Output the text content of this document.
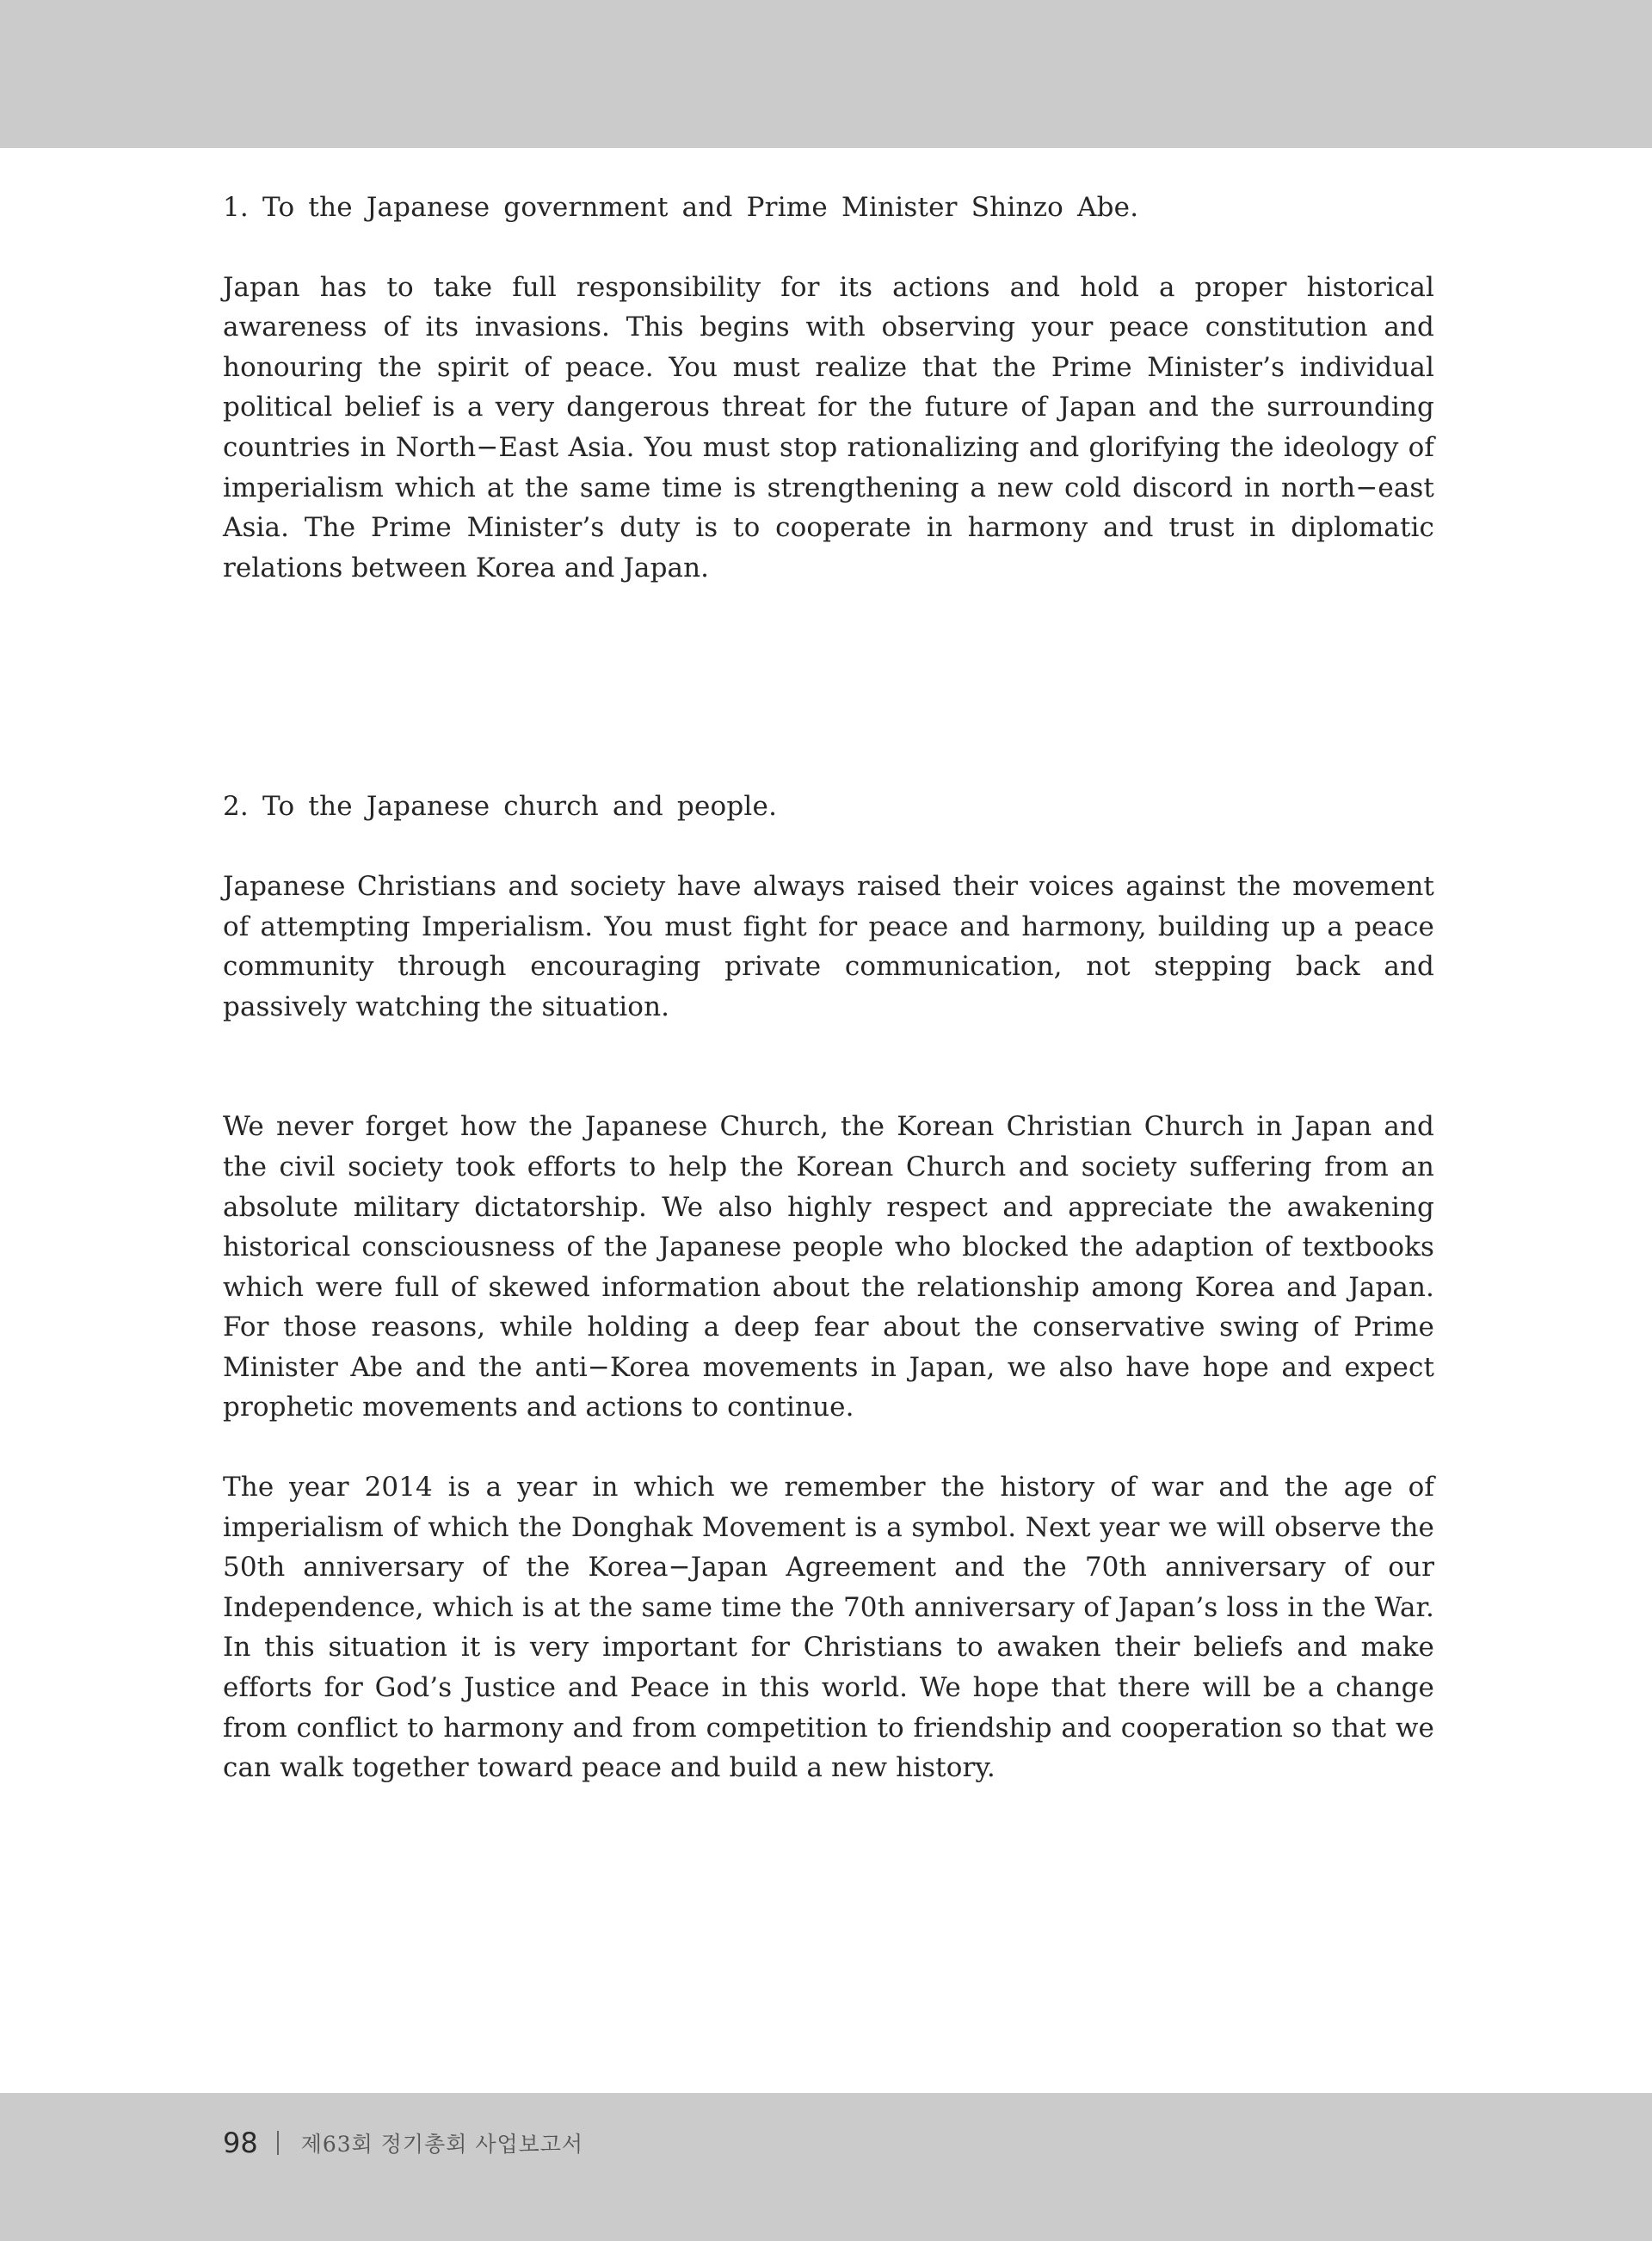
1. To the Japanese government and Prime Minister Shinzo Abe.

Japan has to take full responsibility for its actions and hold a proper historical awareness of its invasions. This begins with observing your peace constitution and honouring the spirit of peace. You must realize that the Prime Minister’s individual political belief is a very dangerous threat for the future of Japan and the surrounding countries in North−East Asia. You must stop rationalizing and glorifying the ideology of imperialism which at the same time is strengthening a new cold discord in north−east Asia. The Prime Minister’s duty is to cooperate in harmony and trust in diplomatic relations between Korea and Japan.

2. To the Japanese church and people.

Japanese Christians and society have always raised their voices against the movement of attempting Imperialism. You must fight for peace and harmony, building up a peace community through encouraging private communication, not stepping back and passively watching the situation.

We never forget how the Japanese Church, the Korean Christian Church in Japan and the civil society took efforts to help the Korean Church and society suffering from an absolute military dictatorship. We also highly respect and appreciate the awakening historical consciousness of the Japanese people who blocked the adaption of textbooks which were full of skewed information about the relationship among Korea and Japan. For those reasons, while holding a deep fear about the conservative swing of Prime Minister Abe and the anti−Korea movements in Japan, we also have hope and expect prophetic movements and actions to continue.

The year 2014 is a year in which we remember the history of war and the age of imperialism of which the Donghak Movement is a symbol. Next year we will observe the 50th anniversary of the Korea−Japan Agreement and the 70th anniversary of our Independence, which is at the same time the 70th anniversary of Japan’s loss in the War. In this situation it is very important for Christians to awaken their beliefs and make efforts for God’s Justice and Peace in this world. We hope that there will be a change from conflict to harmony and from competition to friendship and cooperation so that we can walk together toward peace and build a new history.

98 제63회 정기총회 사업보고서
